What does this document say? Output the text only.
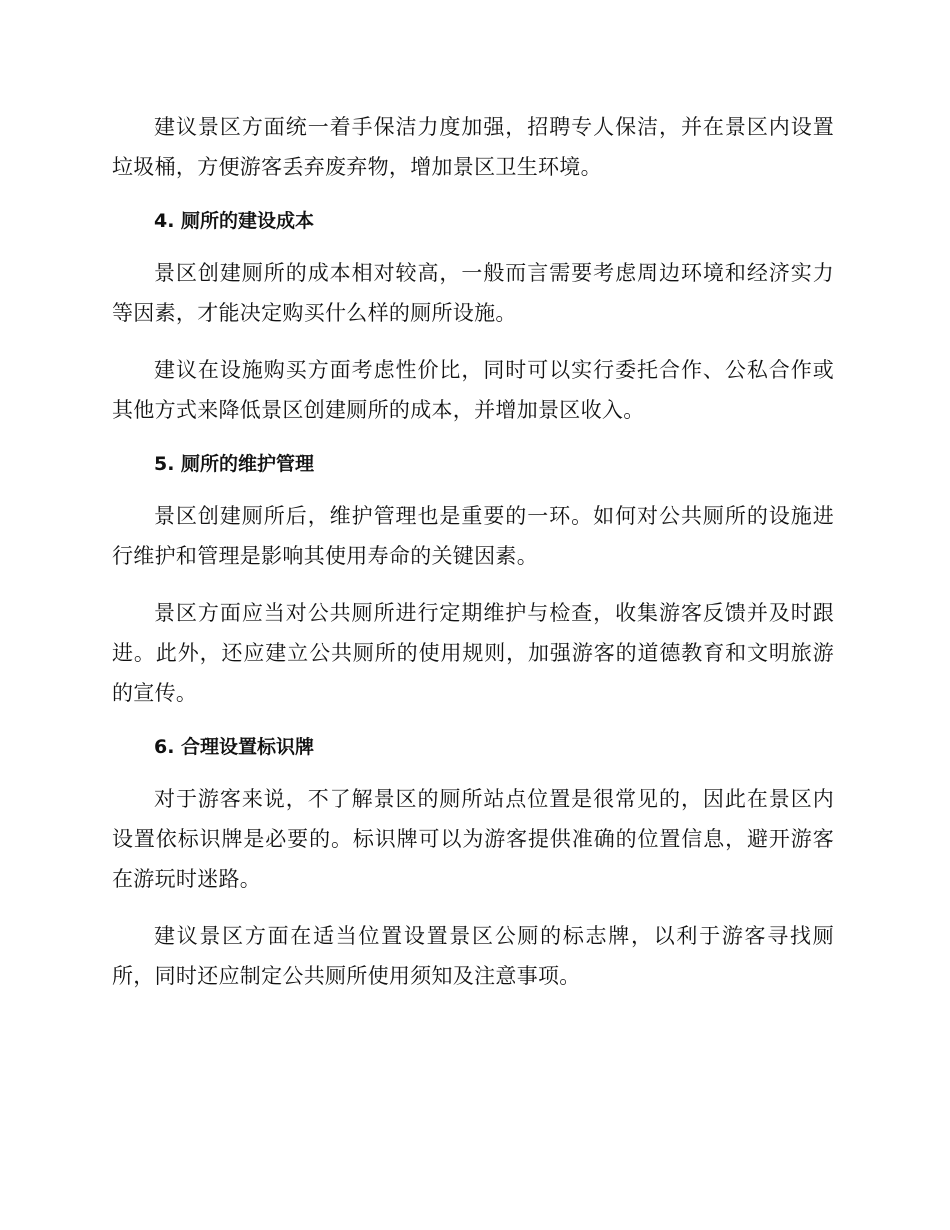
建议景区方面统一着手保洁力度加强，招聘专人保洁，并在景区内设置垃圾桶，方便游客丢弃废弃物，增加景区卫生环境。

4. 厕所的建设成本

景区创建厕所的成本相对较高，一般而言需要考虑周边环境和经济实力等因素，才能决定购买什么样的厕所设施。

建议在设施购买方面考虑性价比，同时可以实行委托合作、公私合作或其他方式来降低景区创建厕所的成本，并增加景区收入。

5. 厕所的维护管理

景区创建厕所后，维护管理也是重要的一环。如何对公共厕所的设施进行维护和管理是影响其使用寿命的关键因素。

景区方面应当对公共厕所进行定期维护与检查，收集游客反馈并及时跟进。此外，还应建立公共厕所的使用规则，加强游客的道德教育和文明旅游的宣传。

6. 合理设置标识牌

对于游客来说，不了解景区的厕所站点位置是很常见的，因此在景区内设置依标识牌是必要的。标识牌可以为游客提供准确的位置信息，避开游客在游玩时迷路。

建议景区方面在适当位置设置景区公厕的标志牌，以利于游客寻找厕所，同时还应制定公共厕所使用须知及注意事项。
